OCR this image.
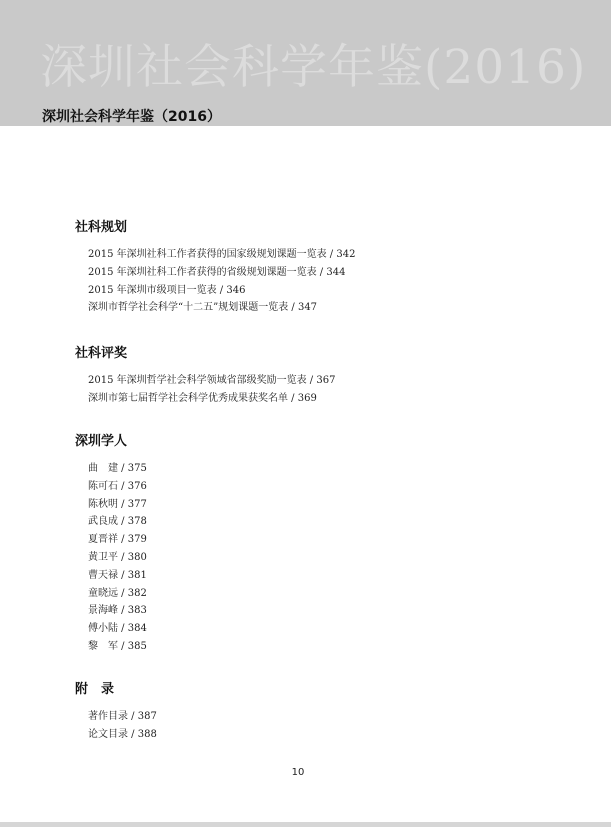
深圳社会科学年鉴(2016)
深圳社会科学年鉴（2016）
社科规划
2015 年深圳社科工作者获得的国家级规划课题一览表 / 342
2015 年深圳社科工作者获得的省级规划课题一览表 / 344
2015 年深圳市级项目一览表 / 346
深圳市哲学社会科学“十二五”规划课题一览表 / 347
社科评奖
2015 年深圳哲学社会科学领域省部级奖励一览表 / 367
深圳市第七届哲学社会科学优秀成果获奖名单 / 369
深圳学人
曲　建 / 375
陈可石 / 376
陈秋明 / 377
武良成 / 378
夏晋祥 / 379
黄卫平 / 380
曹天禄 / 381
童晓远 / 382
景海峰 / 383
傅小陆 / 384
黎　军 / 385
附　录
著作目录 / 387
论文目录 / 388
10
